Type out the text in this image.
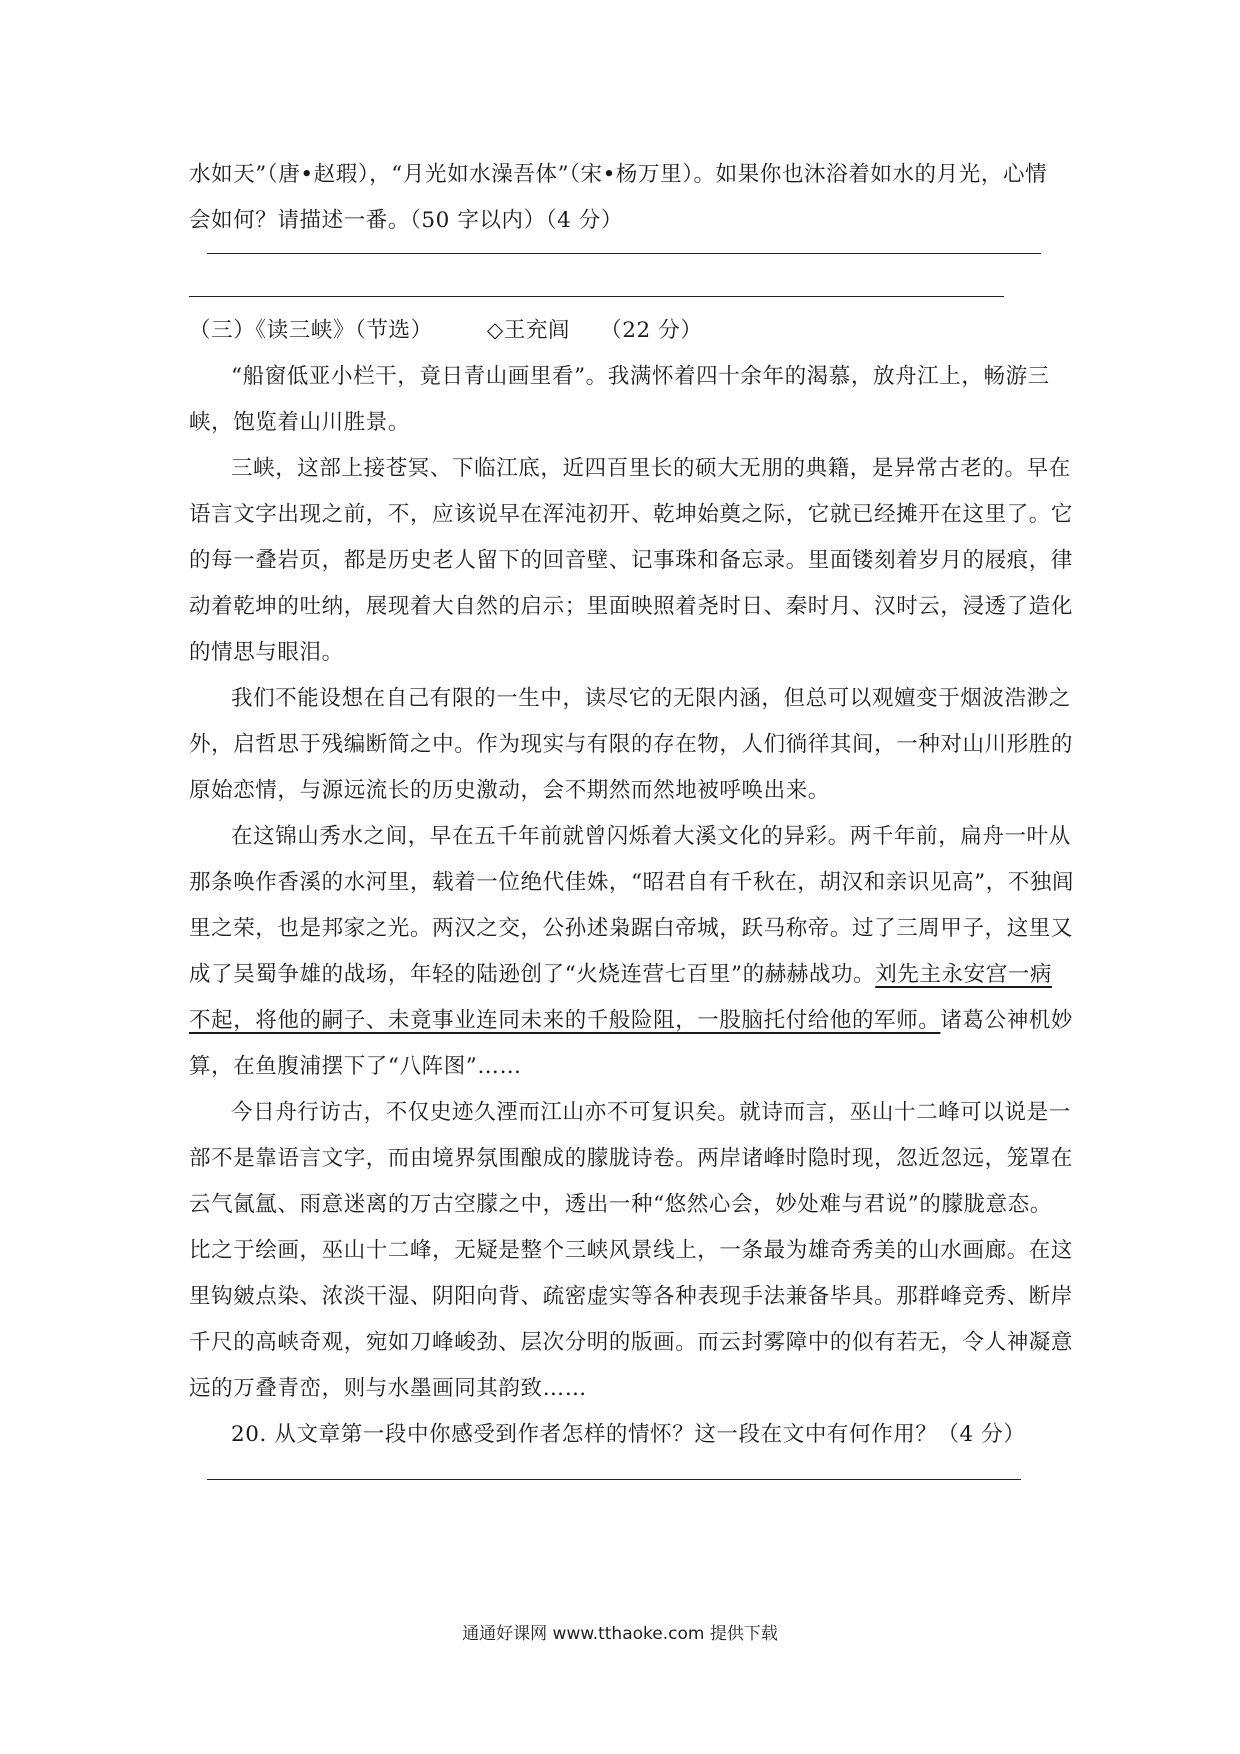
水如天”（唐•赵瑕），“月光如水澡吾体”（宋•杨万里）。如果你也沐浴着如水的月光，心情
会如何？请描述一番。（50 字以内）（4 分）
（三）《读三峡》（节选）	◇王充闾 （22 分）
“船窗低亚小栏干，竟日青山画里看”。我满怀着四十余年的渴慕，放舟江上，畅游三
峡，饱览着山川胜景。
三峡，这部上接苍冥、下临江底，近四百里长的硕大无朋的典籍，是异常古老的。早在
语言文字出现之前，不，应该说早在浑沌初开、乾坤始奠之际，它就已经摊开在这里了。它
的每一叠岩页，都是历史老人留下的回音壁、记事珠和备忘录。里面镂刻着岁月的屐痕，律
动着乾坤的吐纳，展现着大自然的启示；里面映照着尧时日、秦时月、汉时云，浸透了造化
的情思与眼泪。
我们不能设想在自己有限的一生中，读尽它的无限内涵，但总可以观嬗变于烟波浩渺之
外，启哲思于残编断简之中。作为现实与有限的存在物，人们徜徉其间，一种对山川形胜的
原始恋情，与源远流长的历史激动，会不期然而然地被呼唤出来。
在这锦山秀水之间，早在五千年前就曾闪烁着大溪文化的异彩。两千年前，扁舟一叶从
那条唤作香溪的水河里，载着一位绝代佳姝，“昭君自有千秋在，胡汉和亲识见高”，不独闾
里之荣，也是邦家之光。两汉之交，公孙述枭踞白帝城，跃马称帝。过了三周甲子，这里又
成了吴蜀争雄的战场，年轻的陆逊创了“火烧连营七百里”的赫赫战功。刘先主永安宫一病
不起，将他的嗣子、未竟事业连同未来的千般险阻，一股脑托付给他的军师。诸葛公神机妙
算，在鱼腹浦摆下了“八阵图”……
今日舟行访古，不仅史迹久湮而江山亦不可复识矣。就诗而言，巫山十二峰可以说是一
部不是靠语言文字，而由境界氛围酿成的朦胧诗卷。两岸诸峰时隐时现，忽近忽远，笼罩在
云气氤氲、雨意迷离的万古空朦之中，透出一种“悠然心会，妙处难与君说”的朦胧意态。
比之于绘画，巫山十二峰，无疑是整个三峡风景线上，一条最为雄奇秀美的山水画廊。在这
里钩皴点染、浓淡干湿、阴阳向背、疏密虚实等各种表现手法兼备毕具。那群峰竞秀、断岸
千尺的高峡奇观，宛如刀峰峻劲、层次分明的版画。而云封雾障中的似有若无，令人神凝意
远的万叠青峦，则与水墨画同其韵致……
20. 从文章第一段中你感受到作者怎样的情怀？这一段在文中有何作用？（4 分）
通通好课网 www.tthaoke.com 提供下载
